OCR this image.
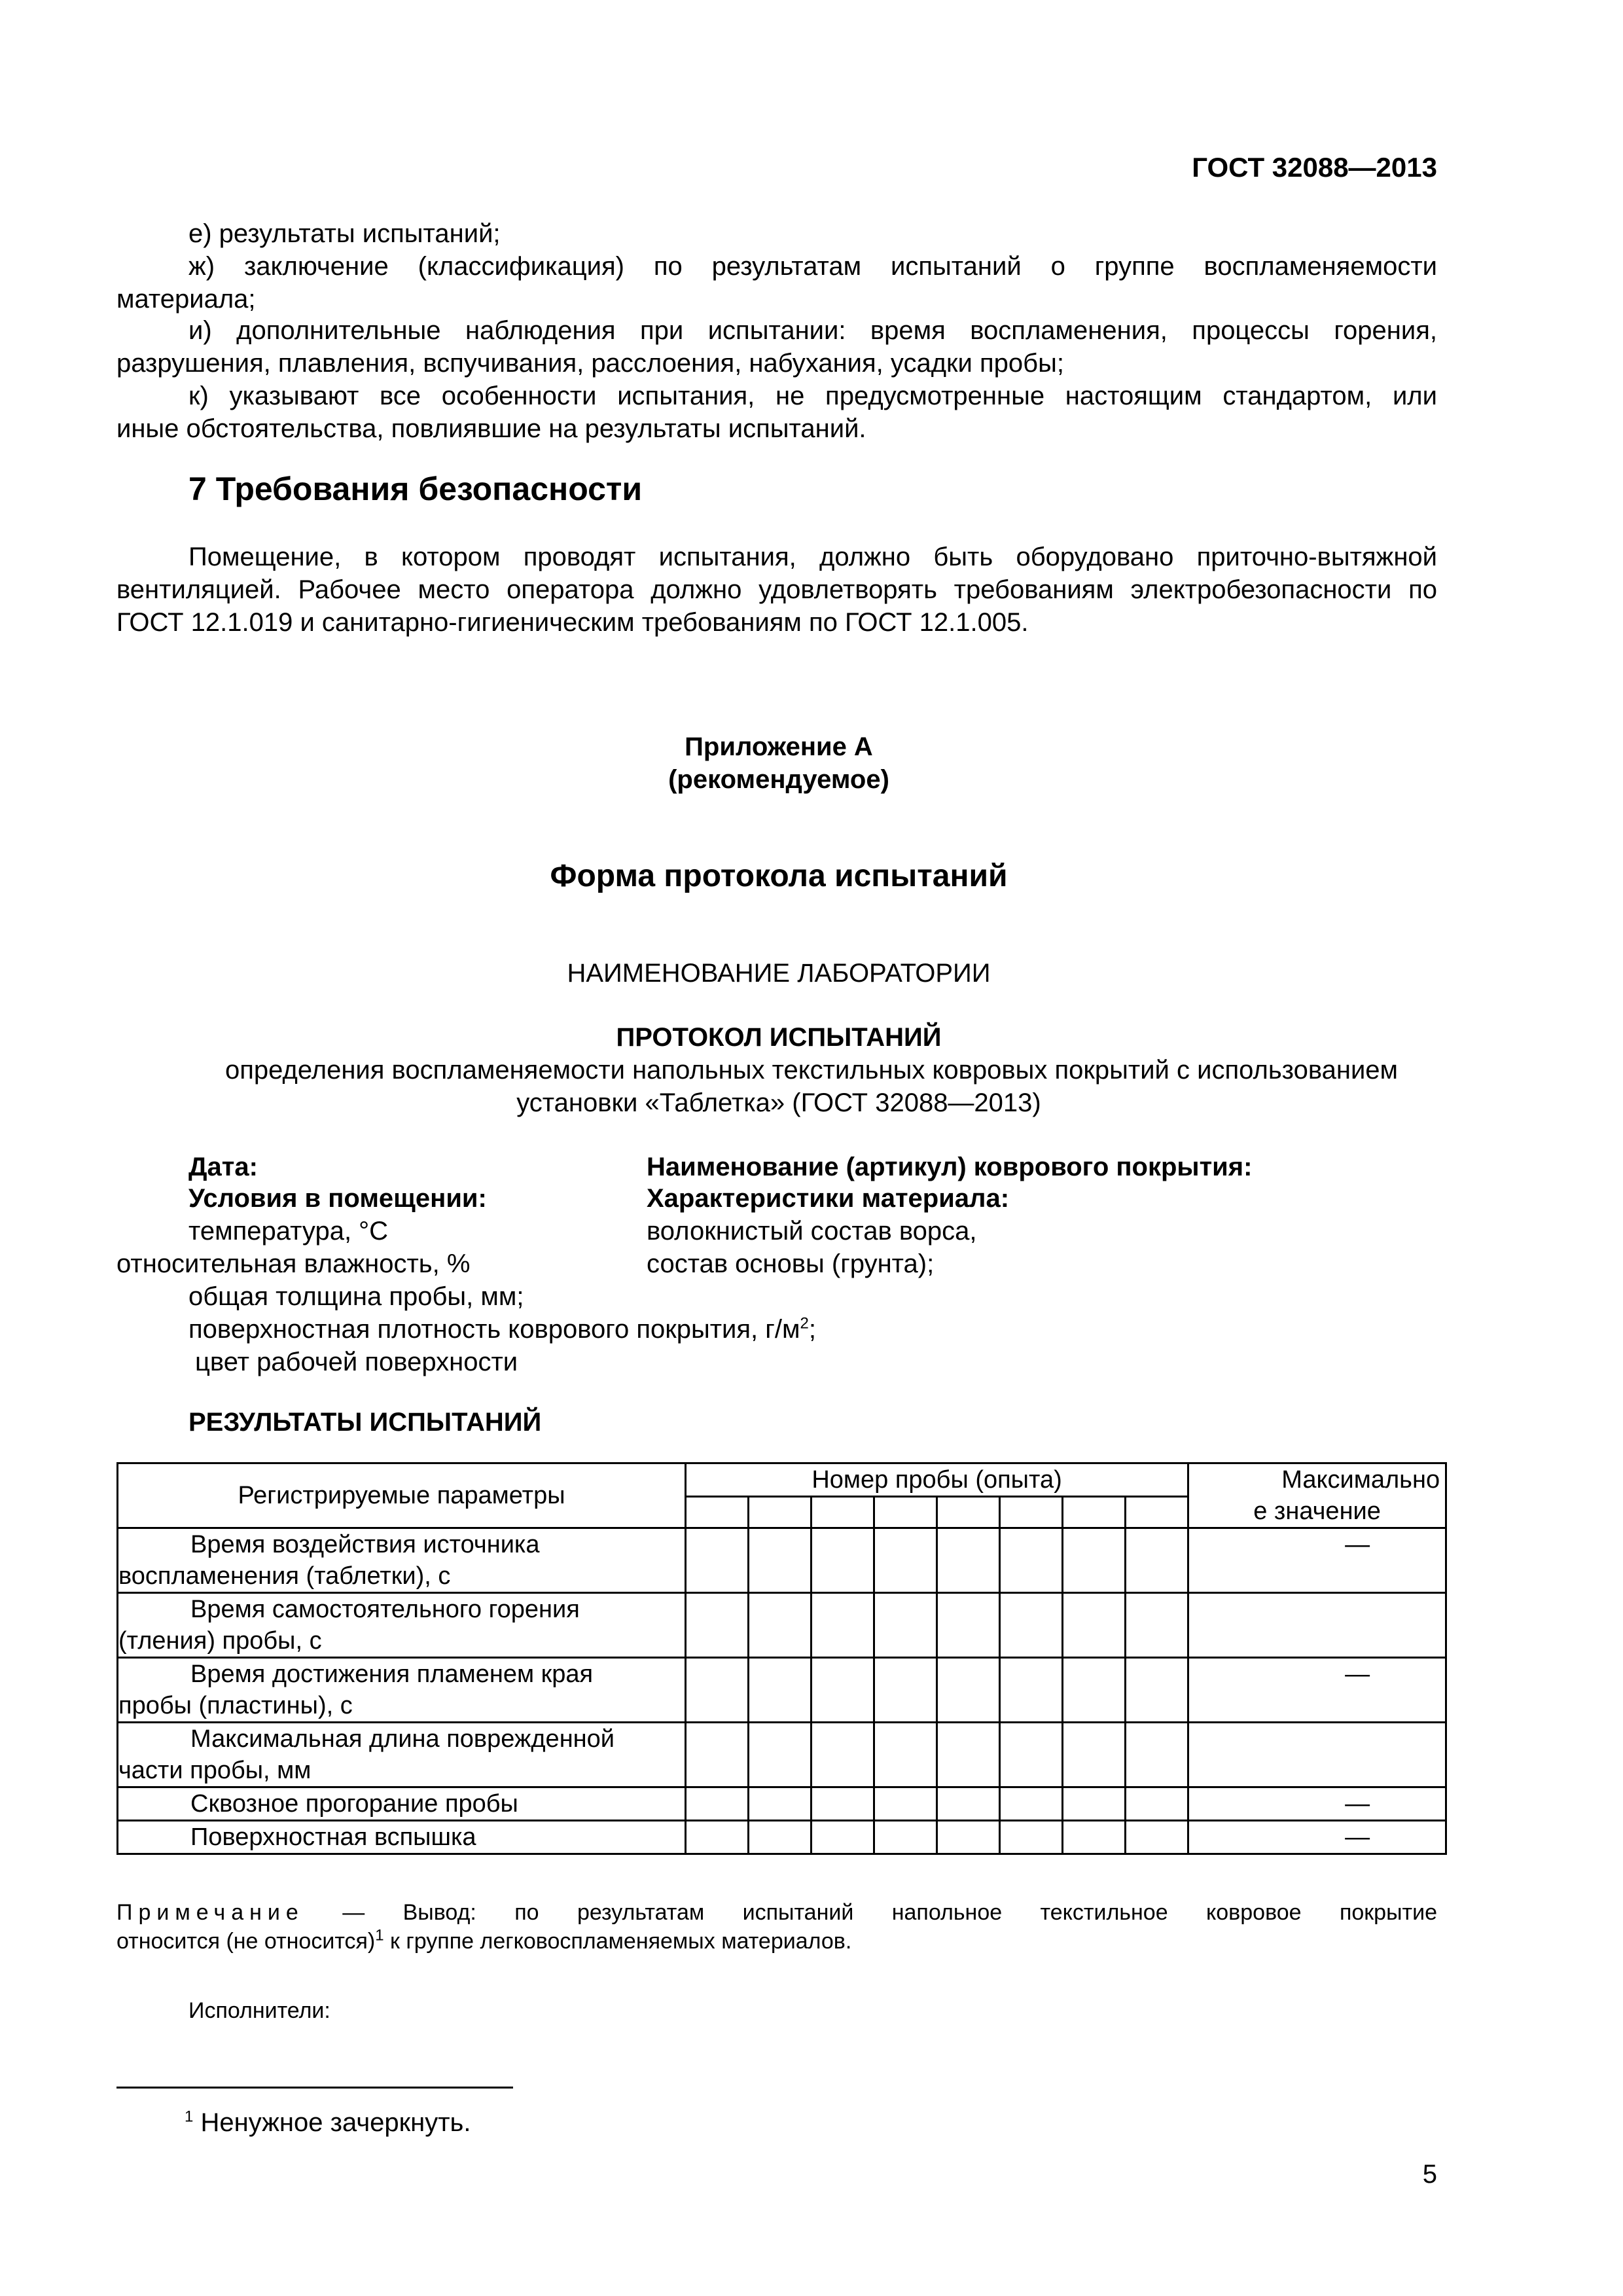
ГОСТ 32088—2013
е) результаты испытаний;
ж) заключение (классификация) по результатам испытаний о группе воспламеняемости
материала;
и) дополнительные наблюдения при испытании: время воспламенения, процессы горения,
разрушения, плавления, вспучивания, расслоения, набухания, усадки пробы;
к) указывают все особенности испытания, не предусмотренные настоящим стандартом, или
иные обстоятельства, повлиявшие на результаты испытаний.
7 Требования безопасности
Помещение, в котором проводят испытания, должно быть оборудовано приточно-вытяжной
вентиляцией. Рабочее место оператора должно удовлетворять требованиям электробезопасности по
ГОСТ 12.1.019 и санитарно-гигиеническим требованиям по ГОСТ 12.1.005.
Приложение А
(рекомендуемое)
Форма протокола испытаний
НАИМЕНОВАНИЕ ЛАБОРАТОРИИ
ПРОТОКОЛ ИСПЫТАНИЙ
определения воспламеняемости напольных текстильных ковровых покрытий с использованием
установки «Таблетка» (ГОСТ 32088—2013)
Дата:
Условия в помещении:
температура, °С
относительная влажность, %
общая толщина пробы, мм;
поверхностная плотность коврового покрытия, $г/м^2$;
цвет рабочей поверхности
Наименование (артикул) коврового покрытия:
Характеристики материала:
волокнистый состав ворса,
состав основы (грунта);
РЕЗУЛЬТАТЫ ИСПЫТАНИЙ
Регистрируемые параметры	Номер пробы (опыта)								Максимально
е значение

Время воздействия источника
воспламенения (таблетки), с									—

Время самостоятельного горения
(тления) пробы, с									

Время достижения пламенем края
пробы (пластины), с									—

Максимальная длина поврежденной
части пробы, мм									

Сквозное прогорание пробы									—

Поверхностная вспышка									—
Примечание — Вывод: по результатам испытаний напольное текстильное ковровое покрытие
относится (не относится)$^1$ к группе легковоспламеняемых материалов.
Исполнители:
$^1$ Ненужное зачеркнуть.
5
